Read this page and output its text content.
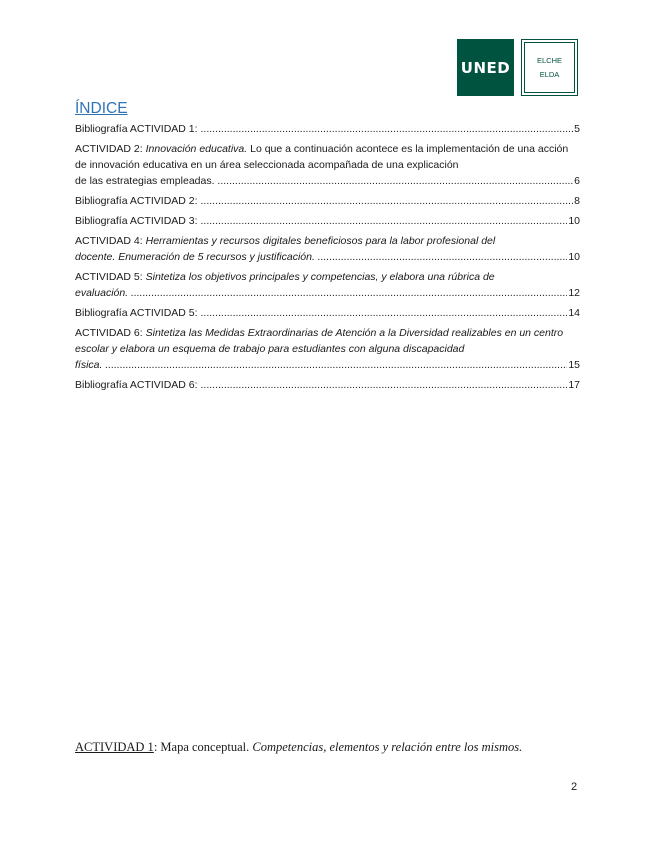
UNED	ELCHE
ELDA
ÍNDICE
Bibliografía ACTIVIDAD 1: .....	5
ACTIVIDAD 2: Innovación educativa. Lo que a continuación acontece es la implementación de una acción de innovación educativa en un área seleccionada acompañada de una explicación
de las estrategias empleadas. .....	6
Bibliografía ACTIVIDAD 2: .....	8
Bibliografía ACTIVIDAD 3: .....	10
ACTIVIDAD 4: Herramientas y recursos digitales beneficiosos para la labor profesional del
docente. Enumeración de 5 recursos y justificación. .....	10
ACTIVIDAD 5: Sintetiza los objetivos principales y competencias, y elabora una rúbrica de
evaluación. .....	12
Bibliografía ACTIVIDAD 5: .....	14
ACTIVIDAD 6: Sintetiza las Medidas Extraordinarias de Atención a la Diversidad realizables en un centro escolar y elabora un esquema de trabajo para estudiantes con alguna discapacidad
física. .....	15
Bibliografía ACTIVIDAD 6: .....	17
ACTIVIDAD 1: Mapa conceptual. Competencias, elementos y relación entre los mismos.
2
